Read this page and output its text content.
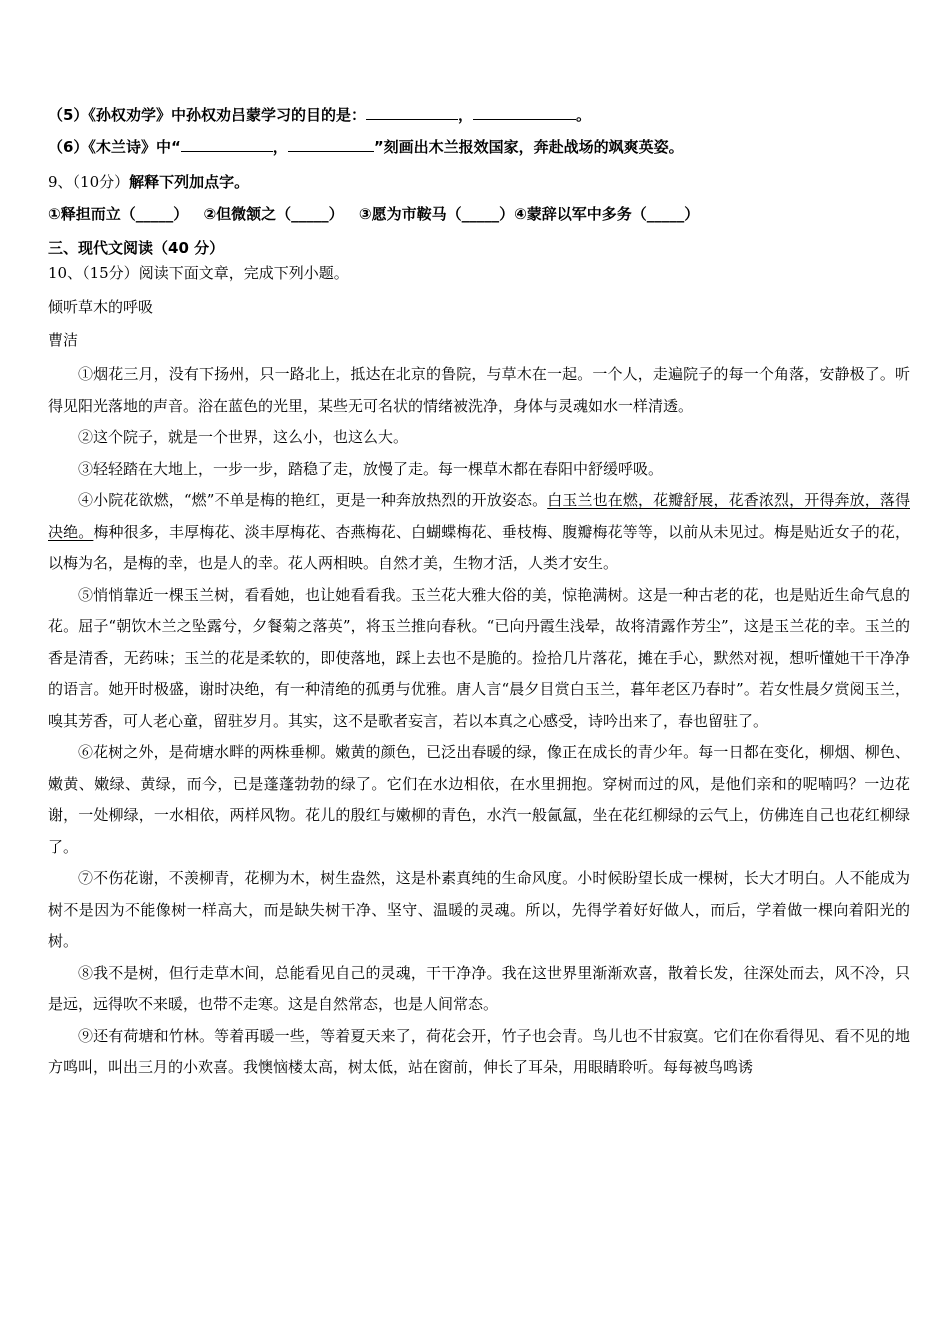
（5）《孙权劝学》中孙权劝吕蒙学习的目的是：	，	。
（6）《木兰诗》中“	，	”刻画出木兰报效国家，奔赴战场的飒爽英姿。
9、（10分）解释下列加点字。
①释担而立（_____） ②但微颔之（_____） ③愿为市鞍马（_____）④蒙辞以军中多务（_____）
三、现代文阅读（40 分）
10、（15分）阅读下面文章，完成下列小题。
倾听草木的呼吸
曹洁

①烟花三月，没有下扬州，只一路北上，抵达在北京的鲁院，与草木在一起。一个人，走遍院子的每一个角落，安静极了。听得见阳光落地的声音。浴在蓝色的光里，某些无可名状的情绪被洗净，身体与灵魂如水一样清透。

②这个院子，就是一个世界，这么小，也这么大。

③轻轻踏在大地上，一步一步，踏稳了走，放慢了走。每一棵草木都在春阳中舒缓呼吸。

④小院花欲燃，“燃”不单是梅的艳红，更是一种奔放热烈的开放姿态。白玉兰也在燃，花瓣舒展，花香浓烈，开得奔放，落得决绝。梅种很多，丰厚梅花、淡丰厚梅花、杏燕梅花、白蝴蝶梅花、垂枝梅、腹瓣梅花等等，以前从未见过。梅是贴近女子的花，以梅为名，是梅的幸，也是人的幸。花人两相映。自然才美，生物才活，人类才安生。

⑤悄悄靠近一棵玉兰树，看看她，也让她看看我。玉兰花大雅大俗的美，惊艳满树。这是一种古老的花，也是贴近生命气息的花。屈子“朝饮木兰之坠露兮，夕餐菊之落英”，将玉兰推向春秋。“已向丹霞生浅晕，故将清露作芳尘”，这是玉兰花的幸。玉兰的香是清香，无药味；玉兰的花是柔软的，即使落地，踩上去也不是脆的。捡拾几片落花，摊在手心，默然对视，想听懂她干干净净的语言。她开时极盛，谢时决绝，有一种清绝的孤勇与优雅。唐人言“晨夕目赏白玉兰，暮年老区乃春时”。若女性晨夕赏阅玉兰，嗅其芳香，可人老心童，留驻岁月。其实，这不是歌者妄言，若以本真之心感受，诗吟出来了，春也留驻了。

⑥花树之外，是荷塘水畔的两株垂柳。嫩黄的颜色，已泛出春暖的绿，像正在成长的青少年。每一日都在变化，柳烟、柳色、嫩黄、嫩绿、黄绿，而今，已是蓬蓬勃勃的绿了。它们在水边相依，在水里拥抱。穿树而过的风，是他们亲和的呢喃吗？一边花谢，一处柳绿，一水相依，两样风物。花儿的殷红与嫩柳的青色，水汽一般氤氲，坐在花红柳绿的云气上，仿佛连自己也花红柳绿了。

⑦不伤花谢，不羡柳青，花柳为木，树生盎然，这是朴素真纯的生命风度。小时候盼望长成一棵树，长大才明白。人不能成为树不是因为不能像树一样高大，而是缺失树干净、坚守、温暖的灵魂。所以，先得学着好好做人，而后，学着做一棵向着阳光的树。

⑧我不是树，但行走草木间，总能看见自己的灵魂，干干净净。我在这世界里渐渐欢喜，散着长发，往深处而去，风不冷，只是远，远得吹不来暖，也带不走寒。这是自然常态，也是人间常态。

⑨还有荷塘和竹林。等着再暖一些，等着夏天来了，荷花会开，竹子也会青。鸟儿也不甘寂寞。它们在你看得见、看不见的地方鸣叫，叫出三月的小欢喜。我懊恼楼太高，树太低，站在窗前，伸长了耳朵，用眼睛聆听。每每被鸟鸣诱
